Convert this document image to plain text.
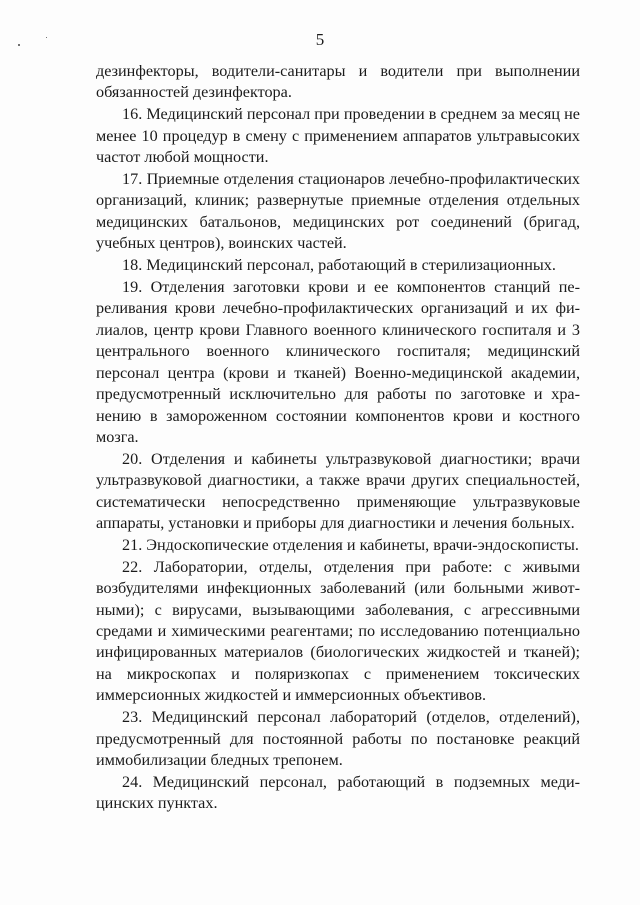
5

дезинфекторы, водители-санитары и водители при выполнении обязанностей дезинфектора.

16. Медицинский персонал при проведении в среднем за месяц не менее 10 процедур в смену с применением аппаратов ультравысоких частот любой мощности.

17. Приемные отделения стационаров лечебно-профилактических организаций, клиник; развернутые приемные отделения отдельных медицинских батальонов, медицинских рот соединений (бригад, учебных центров), воинских частей.

18. Медицинский персонал, работающий в стерилизационных.

19. Отделения заготовки крови и ее компонентов станций переливания крови лечебно-профилактических организаций и их филиалов, центр крови Главного военного клинического госпиталя и 3 центрального военного клинического госпиталя; медицинский персонал центра (крови и тканей) Военно-медицинской академии, предусмотренный исключительно для работы по заготовке и хранению в замороженном состоянии компонентов крови и костного мозга.

20. Отделения и кабинеты ультразвуковой диагностики; врачи ультразвуковой диагностики, а также врачи других специальностей, систематически непосредственно применяющие ультразвуковые аппараты, установки и приборы для диагностики и лечения больных.

21. Эндоскопические отделения и кабинеты, врачи-эндоскописты.

22. Лаборатории, отделы, отделения при работе: с живыми возбудителями инфекционных заболеваний (или больными животными); с вирусами, вызывающими заболевания, с агрессивными средами и химическими реагентами; по исследованию потенциально инфицированных материалов (биологических жидкостей и тканей); на микроскопах и поляризкопах с применением токсических иммерсионных жидкостей и иммерсионных объективов.

23. Медицинский персонал лабораторий (отделов, отделений), предусмотренный для постоянной работы по постановке реакций иммобилизации бледных трепонем.

24. Медицинский персонал, работающий в подземных медицинских пунктах.
